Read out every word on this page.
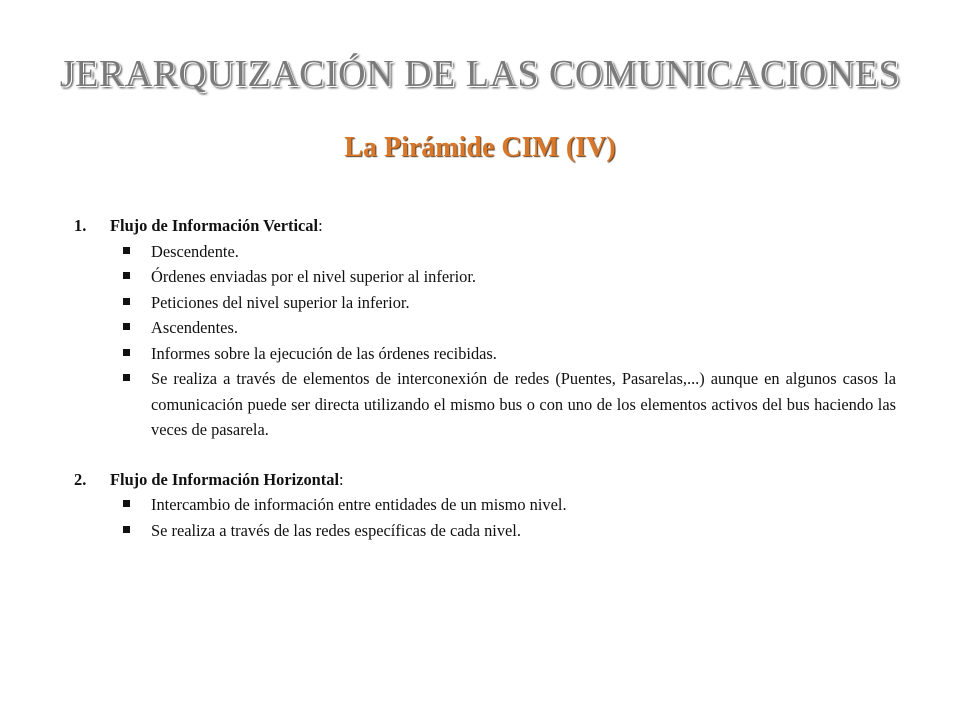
JERARQUIZACIÓN DE LAS COMUNICACIONES
La Pirámide CIM (IV)
1.	Flujo de Información Vertical:
Descendente.
Órdenes enviadas por el nivel superior al inferior.
Peticiones del nivel superior la inferior.
Ascendentes.
Informes sobre la ejecución de las órdenes recibidas.
Se realiza a través de elementos de interconexión de redes (Puentes, Pasarelas,...) aunque en algunos casos la comunicación puede ser directa utilizando el mismo bus o con uno de los elementos activos del bus haciendo las veces de pasarela.
2.	Flujo de Información Horizontal:
Intercambio de información entre entidades de un mismo nivel.
Se realiza a través de las redes específicas de cada nivel.
